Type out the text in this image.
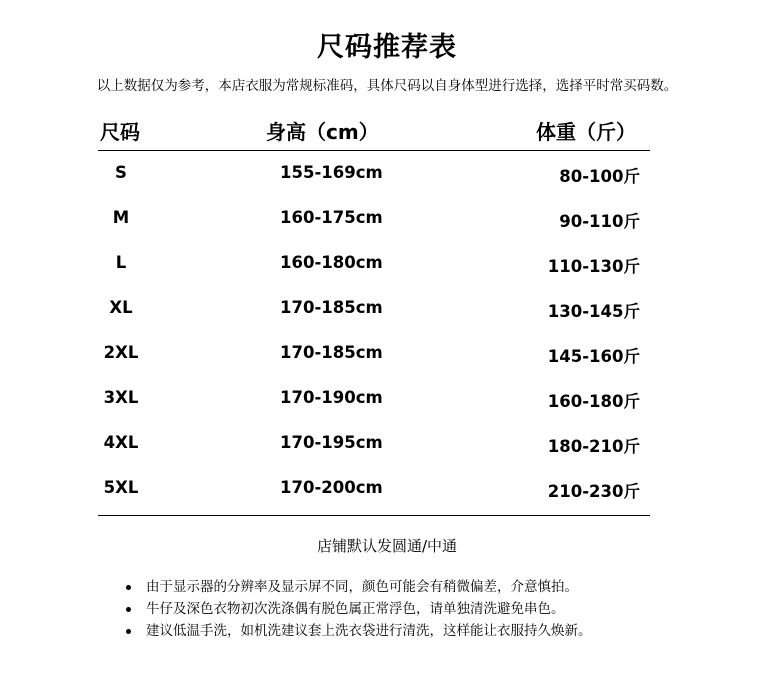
尺码推荐表
以上数据仅为参考，本店衣服为常规标准码，具体尺码以自身体型进行选择，选择平时常买码数。
尺码	身高（cm）	体重（斤）
S	155-169cm	80-100斤
M	160-175cm	90-110斤
L	160-180cm	110-130斤
XL	170-185cm	130-145斤
2XL	170-185cm	145-160斤
3XL	170-190cm	160-180斤
4XL	170-195cm	180-210斤
5XL	170-200cm	210-230斤
店铺默认发圆通/中通
由于显示器的分辨率及显示屏不同，颜色可能会有稍微偏差，介意慎拍。
牛仔及深色衣物初次洗涤偶有脱色属正常浮色，请单独清洗避免串色。
建议低温手洗，如机洗建议套上洗衣袋进行清洗，这样能让衣服持久焕新。
